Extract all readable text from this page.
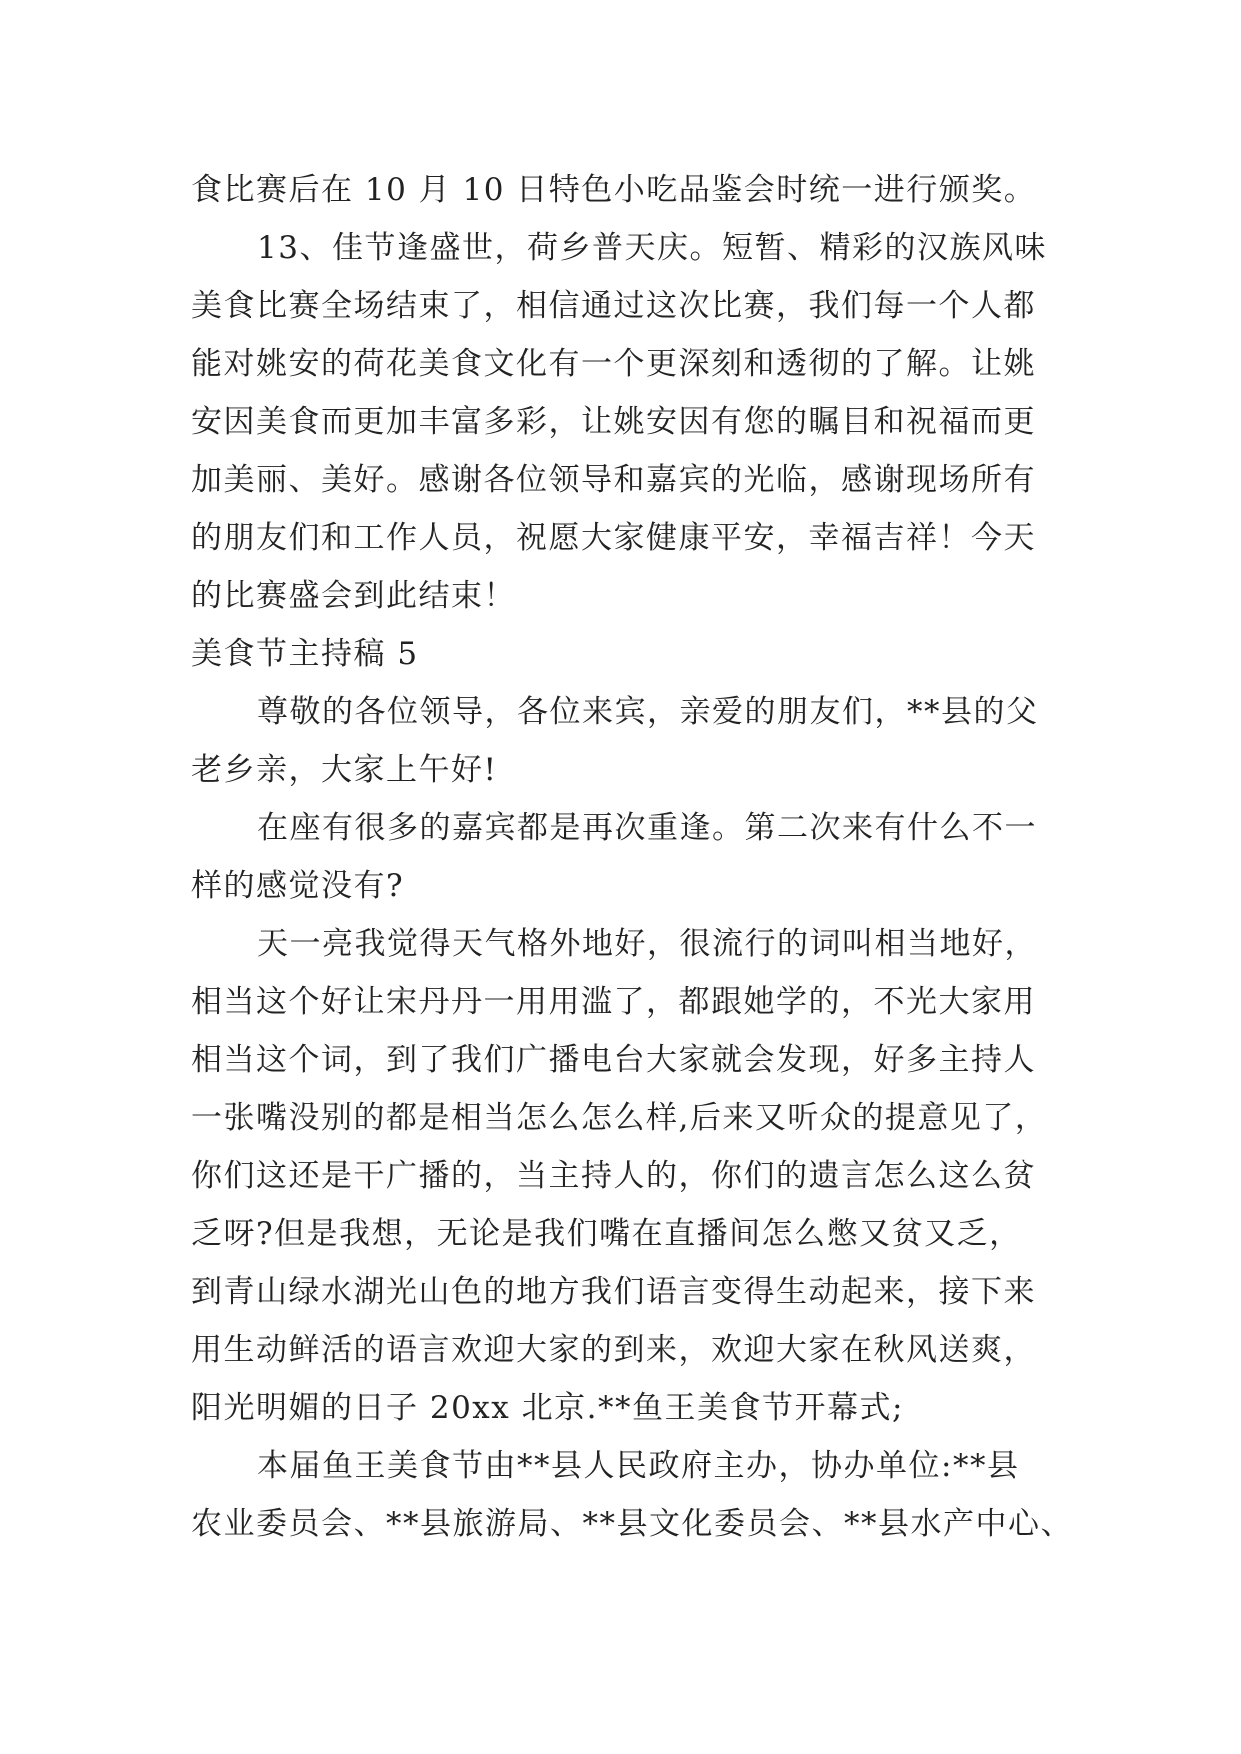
食比赛后在 10 月 10 日特色小吃品鉴会时统一进行颁奖。
13、佳节逢盛世，荷乡普天庆。短暂、精彩的汉族风味
美食比赛全场结束了，相信通过这次比赛，我们每一个人都
能对姚安的荷花美食文化有一个更深刻和透彻的了解。让姚
安因美食而更加丰富多彩，让姚安因有您的瞩目和祝福而更
加美丽、美好。感谢各位领导和嘉宾的光临，感谢现场所有
的朋友们和工作人员，祝愿大家健康平安，幸福吉祥！今天
的比赛盛会到此结束！
美食节主持稿 5
尊敬的各位领导，各位来宾，亲爱的朋友们，**县的父
老乡亲，大家上午好!
在座有很多的嘉宾都是再次重逢。第二次来有什么不一
样的感觉没有?
天一亮我觉得天气格外地好，很流行的词叫相当地好，
相当这个好让宋丹丹一用用滥了，都跟她学的，不光大家用
相当这个词，到了我们广播电台大家就会发现，好多主持人
一张嘴没别的都是相当怎么怎么样,后来又听众的提意见了，
你们这还是干广播的，当主持人的，你们的遗言怎么这么贫
乏呀?但是我想，无论是我们嘴在直播间怎么憋又贫又乏，
到青山绿水湖光山色的地方我们语言变得生动起来，接下来
用生动鲜活的语言欢迎大家的到来，欢迎大家在秋风送爽，
阳光明媚的日子 20xx 北京.**鱼王美食节开幕式;
本届鱼王美食节由**县人民政府主办，协办单位:**县
农业委员会、**县旅游局、**县文化委员会、**县水产中心、
